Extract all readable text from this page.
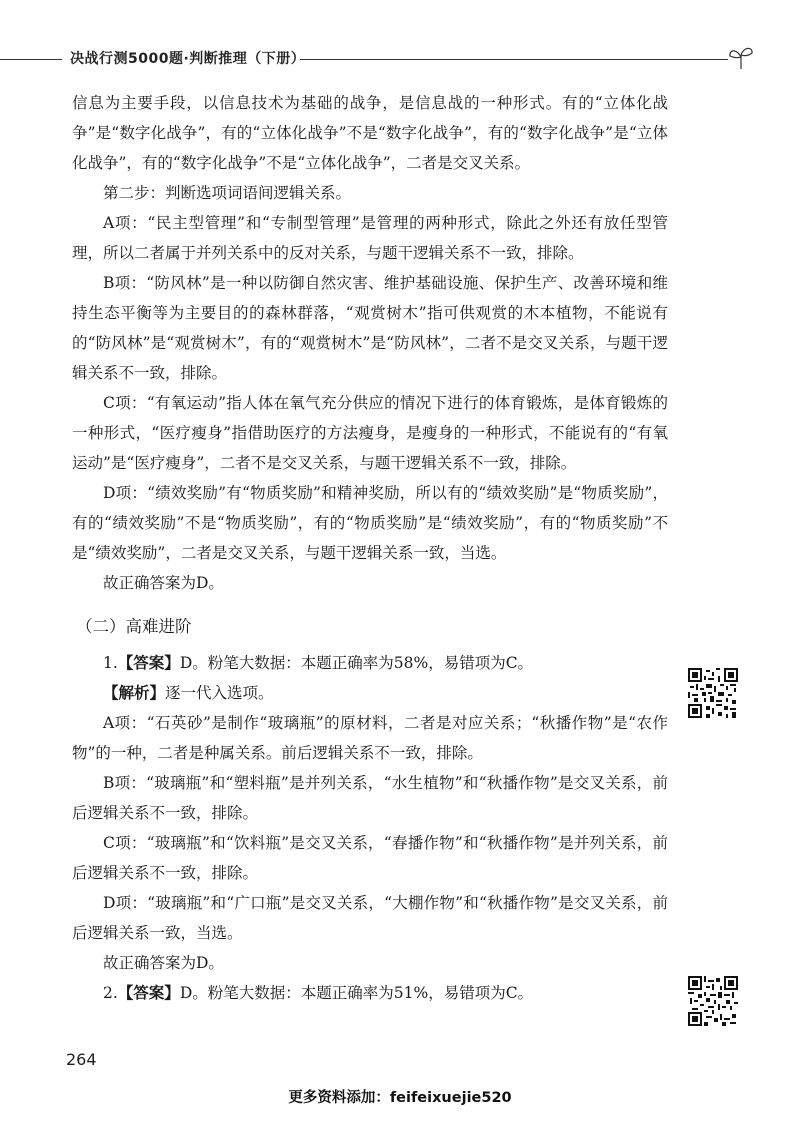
决战行测5000题·判断推理（下册）

信息为主要手段，以信息技术为基础的战争，是信息战的一种形式。有的“立体化战争”是“数字化战争”，有的“立体化战争”不是“数字化战争”，有的“数字化战争”是“立体化战争”，有的“数字化战争”不是“立体化战争”，二者是交叉关系。

第二步：判断选项词语间逻辑关系。

A项：“民主型管理”和“专制型管理”是管理的两种形式，除此之外还有放任型管理，所以二者属于并列关系中的反对关系，与题干逻辑关系不一致，排除。

B项：“防风林”是一种以防御自然灾害、维护基础设施、保护生产、改善环境和维持生态平衡等为主要目的的森林群落，“观赏树木”指可供观赏的木本植物，不能说有的“防风林”是“观赏树木”，有的“观赏树木”是“防风林”，二者不是交叉关系，与题干逻辑关系不一致，排除。

C项：“有氧运动”指人体在氧气充分供应的情况下进行的体育锻炼，是体育锻炼的一种形式，“医疗瘦身”指借助医疗的方法瘦身，是瘦身的一种形式，不能说有的“有氧运动”是“医疗瘦身”，二者不是交叉关系，与题干逻辑关系不一致，排除。

D项：“绩效奖励”有“物质奖励”和精神奖励，所以有的“绩效奖励”是“物质奖励”，有的“绩效奖励”不是“物质奖励”，有的“物质奖励”是“绩效奖励”，有的“物质奖励”不是“绩效奖励”，二者是交叉关系，与题干逻辑关系一致，当选。

故正确答案为D。

（二）高难进阶

1.【答案】D。粉笔大数据：本题正确率为58%，易错项为C。

【解析】逐一代入选项。

A项：“石英砂”是制作“玻璃瓶”的原材料，二者是对应关系；“秋播作物”是“农作物”的一种，二者是种属关系。前后逻辑关系不一致，排除。

B项：“玻璃瓶”和“塑料瓶”是并列关系，“水生植物”和“秋播作物”是交叉关系，前后逻辑关系不一致，排除。

C项：“玻璃瓶”和“饮料瓶”是交叉关系，“春播作物”和“秋播作物”是并列关系，前后逻辑关系不一致，排除。

D项：“玻璃瓶”和“广口瓶”是交叉关系，“大棚作物”和“秋播作物”是交叉关系，前后逻辑关系一致，当选。

故正确答案为D。

2.【答案】D。粉笔大数据：本题正确率为51%，易错项为C。

264
更多资料添加：feifeixuejie520
